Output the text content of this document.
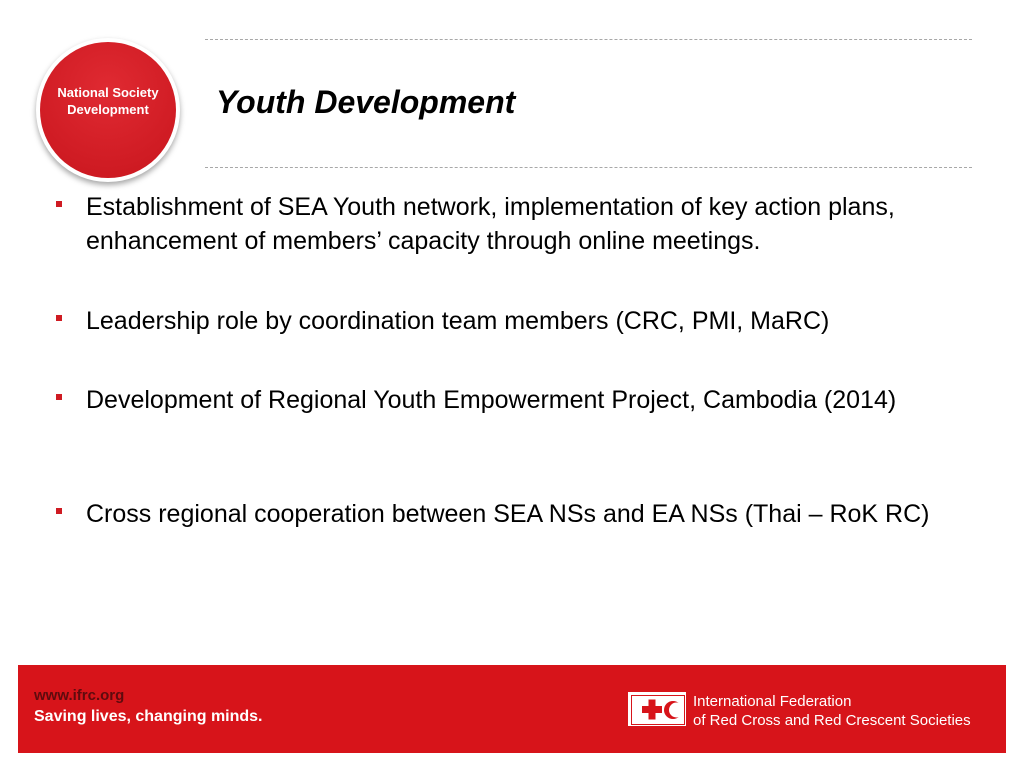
National Society Development	Youth Development
Establishment of SEA Youth network, implementation of key action plans, enhancement of members’ capacity through online meetings.
Leadership role by coordination team members (CRC, PMI, MaRC)
Development of Regional Youth Empowerment Project, Cambodia (2014)
Cross regional cooperation between SEA NSs and EA NSs (Thai – RoK RC)
www.ifrc.org
Saving lives, changing minds.
International Federation
of Red Cross and Red Crescent Societies
